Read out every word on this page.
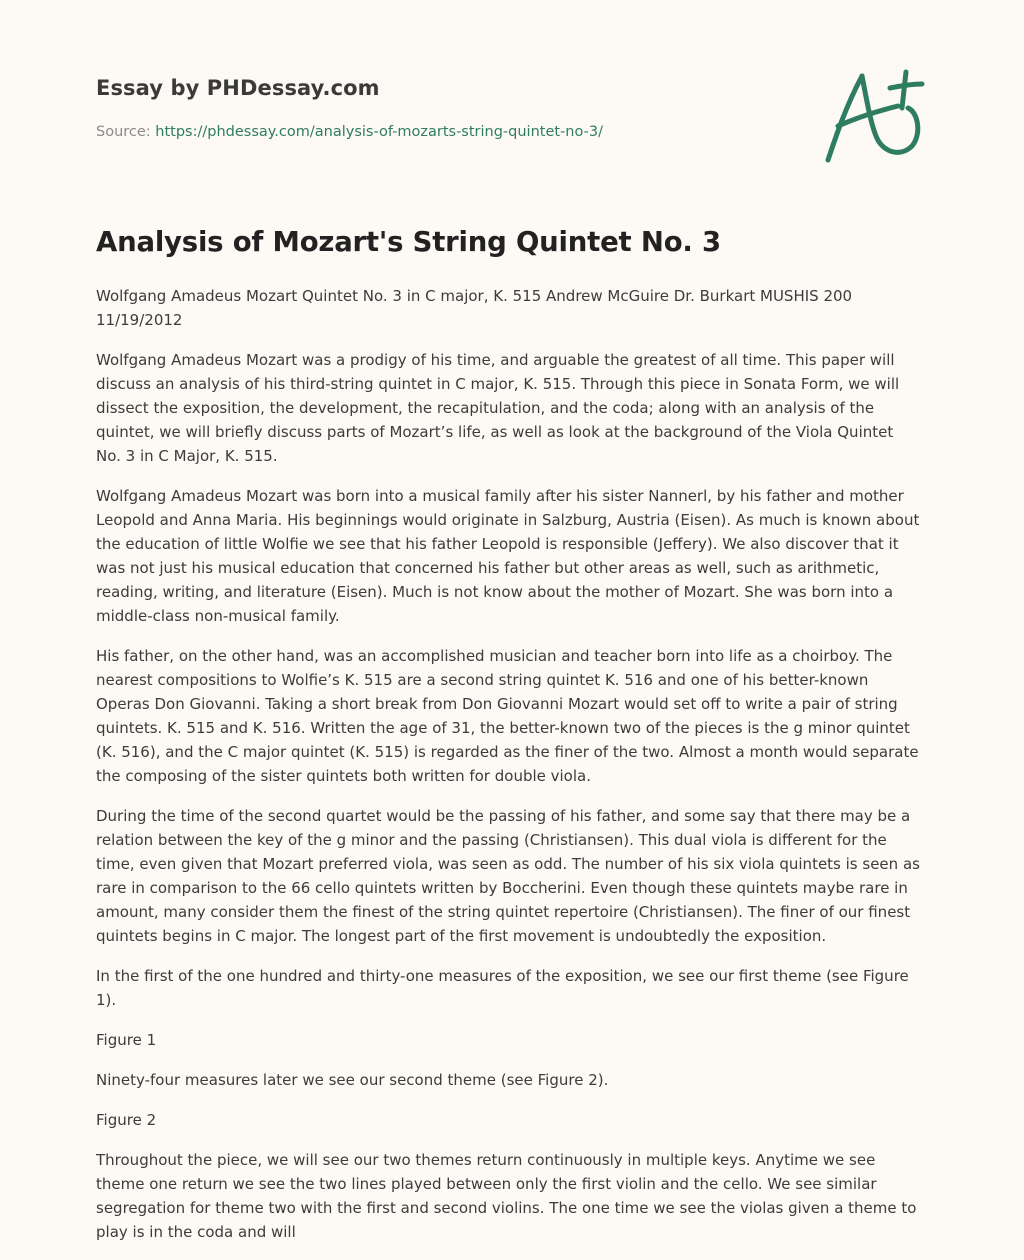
Essay by PHDessay.com
Source: https://phdessay.com/analysis-of-mozarts-string-quintet-no-3/
Analysis of Mozart's String Quintet No. 3

Wolfgang Amadeus Mozart Quintet No. 3 in C major, K. 515 Andrew McGuire Dr. Burkart MUSHIS 200 11/19/2012

Wolfgang Amadeus Mozart was a prodigy of his time, and arguable the greatest of all time. This paper will discuss an analysis of his third-string quintet in C major, K. 515. Through this piece in Sonata Form, we will dissect the exposition, the development, the recapitulation, and the coda; along with an analysis of the quintet, we will briefly discuss parts of Mozart’s life, as well as look at the background of the Viola Quintet No. 3 in C Major, K. 515.

Wolfgang Amadeus Mozart was born into a musical family after his sister Nannerl, by his father and mother Leopold and Anna Maria. His beginnings would originate in Salzburg, Austria (Eisen). As much is known about the education of little Wolfie we see that his father Leopold is responsible (Jeffery). We also discover that it was not just his musical education that concerned his father but other areas as well, such as arithmetic, reading, writing, and literature (Eisen). Much is not know about the mother of Mozart. She was born into a middle-class non-musical family.

His father, on the other hand, was an accomplished musician and teacher born into life as a choirboy. The nearest compositions to Wolfie’s K. 515 are a second string quintet K. 516 and one of his better-known Operas Don Giovanni. Taking a short break from Don Giovanni Mozart would set off to write a pair of string quintets. K. 515 and K. 516. Written the age of 31, the better-known two of the pieces is the g minor quintet (K. 516), and the C major quintet (K. 515) is regarded as the finer of the two. Almost a month would separate the composing of the sister quintets both written for double viola.

During the time of the second quartet would be the passing of his father, and some say that there may be a relation between the key of the g minor and the passing (Christiansen). This dual viola is different for the time, even given that Mozart preferred viola, was seen as odd. The number of his six viola quintets is seen as rare in comparison to the 66 cello quintets written by Boccherini. Even though these quintets maybe rare in amount, many consider them the finest of the string quintet repertoire (Christiansen). The finer of our finest quintets begins in C major. The longest part of the first movement is undoubtedly the exposition.

In the first of the one hundred and thirty-one measures of the exposition, we see our first theme (see Figure 1).

Figure 1

Ninety-four measures later we see our second theme (see Figure 2).

Figure 2

Throughout the piece, we will see our two themes return continuously in multiple keys. Anytime we see theme one return we see the two lines played between only the first violin and the cello. We see similar segregation for theme two with the first and second violins. The one time we see the violas given a theme to play is in the coda and will
